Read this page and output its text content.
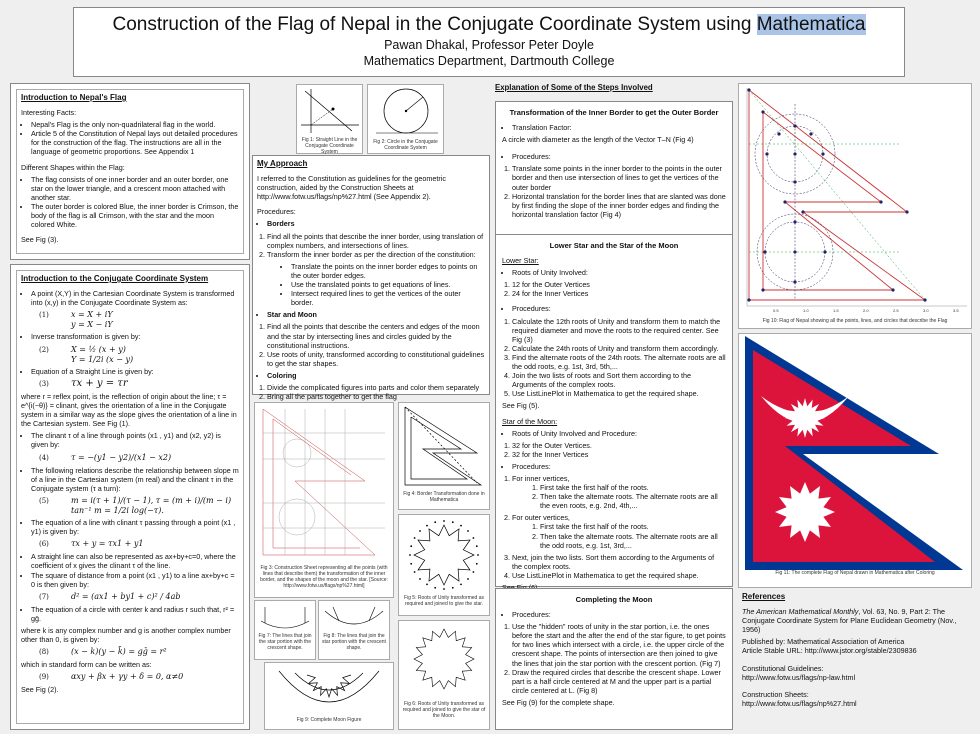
Construction of the Flag of Nepal in the Conjugate Coordinate System using Mathematica
Pawan Dhakal, Professor Peter Doyle
Mathematics Department, Dartmouth College
Introduction to Nepal's Flag

Interesting Facts:

• Nepal's Flag is the only non-quadrilateral flag in the world.
• Article 5 of the Constitution of Nepal lays out detailed procedures for the construction of the flag. The instructions are all in the language of geometric proportions. See Appendix 1

Different Shapes within the Flag:

• The flag consists of one inner border and an outer border, one star on the lower triangle, and a crescent moon attached with another star.
• The outer border is colored Blue, the inner border is Crimson, the body of the flag is all Crimson, with the star and the moon colored White.

See Fig (3).

Introduction to the Conjugate Coordinate System
• A point (X,Y) in the Cartesian Coordinate System is transformed into (x,y) in the Conjugate Coordinate System as:
(1)	x = X + iY
y = X − iY
• Inverse transformation is given by:
(2)	X = ½ (x + y)
Y = 1/2i (x − y)
• Equation of a Straight Line is given by:
(3) τx + y = τr

where r = reflex point, is the reflection of origin about the line; τ = e^{i(−θ)} = clinant, gives the orientation of a line in the Conjugate system in a similar way as the slope gives the orientation of a line in the Cartesian system. See Fig (1).

• The clinant τ of a line through points (x1 , y1) and (x2, y2) is given by:
(4)	τ = −(y1 − y2)/(x1 − x2)
• The following relations describe the relationship between slope m of a line in the Cartesian system (m real) and the clinant τ in the Conjugate system (τ a turn):
(5)	m = i(τ + 1)/(τ − 1), τ = (m + i)/(m − i)
tan⁻¹ m = 1/2i log(−τ).
• The equation of a line with clinant τ passing through a point (x1 , y1) is given by:
(6)	τx + y = τx1 + y1
• A straight line can also be represented as ax+by+c=0, where the coefficient of x gives the clinant τ of the line.
• The square of distance from a point (x1 , y1) to a line ax+by+c = 0 is then given by:
(7)	d² = (ax1 + by1 + c)² / 4ab
• The equation of a circle with center k and radius r such that, r² = gḡ.

where k is any complex number and g is another complex number other than 0, is given by:

(8)	(x − k)(y − k̄) = gḡ = r²

which in standard form can be written as:

(9)	αxy + βx + γy + δ = 0, α≠0

See Fig (2).

Fig 1: Straight Line in the Conjugate Coordinate System
Fig 2: Circle in the Conjugate Coordinate System
My Approach

I referred to the Constitution as guidelines for the geometric construction, aided by the Construction Sheets at http://www.fotw.us/flags/np%27.html (See Appendix 2).

Procedures:

• Borders
1. Find all the points that describe the inner border, using translation of complex numbers, and intersections of lines.
2. Transform the inner border as per the direction of the constitution:
• Translate the points on the inner border edges to points on the outer border edges.
• Use the translated points to get equations of lines.
• Intersect required lines to get the vertices of the outer border.
• Star and Moon
1. Find all the points that describe the centers and edges of the moon and the star by intersecting lines and circles guided by the constitutional instructions.
2. Use roots of unity, transformed according to constitutional guidelines to get the star shapes.
• Coloring
1. Divide the complicated figures into parts and color them separately
2. Bring all the parts together to get the flag
Fig 3: Construction Sheet representing all the points (with lines that describe them) the transformation of the inner border, and the shapes of the moon and the star. [Source: http://www.fotw.us/flags/np%27.html]
Fig 4: Border Transformation done in Mathematica
Fig 5: Roots of Unity transformed as required and joined to give the star.
Fig 6: Roots of Unity transformed as required and joined to give the star of the Moon.
Fig 7: The lines that join the star portion with the crescent shape.
Fig 8: The lines that join the star portion with the crescent shape.
Fig 9: Complete Moon Figure
Explanation of Some of the Steps Involved
Transformation of the Inner Border to get the Outer Border
• Translation Factor:

A circle with diameter as the length of the Vector T–N (Fig 4)

• Procedures:
1. Translate some points in the inner border to the points in the outer border and then use intersection of lines to get the vertices of the outer border
2. Horizontal translation for the border lines that are slanted was done by first finding the slope of the inner border edges and finding the horizontal translation factor (Fig 4)
Lower Star and the Star of the Moon

Lower Star:

• Roots of Unity Involved:
1. 12 for the Outer Vertices
2. 24 for the Inner Vertices
• Procedures:
1. Calculate the 12th roots of Unity and transform them to match the required diameter and move the roots to the required center. See Fig (3)
2. Calculate the 24th roots of Unity and transform them accordingly.
3. Find the alternate roots of the 24th roots. The alternate roots are all the odd roots, e.g. 1st, 3rd, 5th,...
4. Join the two lists of roots and Sort them according to the Arguments of the complex roots.
5. Use ListLinePlot in Mathematica to get the required shape.

See Fig (5).

Star of the Moon:

• Roots of Unity Involved and Procedure:
1. 32 for the Outer Vertices.
2. 32 for the Inner Vertices
• Procedures:
1. For inner vertices,
1. First take the first half of the roots.
2. Then take the alternate roots. The alternate roots are all the even roots, e.g. 2nd, 4th,...
2. For outer vertices,
1. First take the first half of the roots.
2. Then take the alternate roots. The alternate roots are all the odd roots, e.g. 1st, 3rd,...
3. Next, join the two lists. Sort them according to the Arguments of the complex roots.
4. Use ListLinePlot in Mathematica to get the required shape.

Completing the Moon
• Procedures:
1. Use the "hidden" roots of unity in the star portion, i.e. the ones before the start and the after the end of the star figure, to get points for two lines which intersect with a circle, i.e. the upper circle of the crescent shape. The points of intersection are then joined to give the lines that join the star portion with the crescent portion. (Fig 7)
2. Draw the required circles that describe the crescent shape. Lower part is a half circle centered at M and the upper part is a partial circle centered at L. (Fig 8)

See Fig (9) for the complete shape.

0.5	1.0	1.5	2.0	2.5	3.0	3.5
Fig 10: Flag of Nepal showing all the points, lines, and circles that describe the Flag
Fig 11: The complete Flag of Nepal drawn in Mathematica after Coloring
References

The American Mathematical Monthly, Vol. 63, No. 9, Part 2: The Conjugate Coordinate System for Plane Euclidean Geometry (Nov., 1956)

Published by: Mathematical Association of America

Article Stable URL: http://www.jstor.org/stable/2309836

Constitutional Guidelines:

http://www.fotw.us/flags/np-law.html

Construction Sheets:

http://www.fotw.us/flags/np%27.html
